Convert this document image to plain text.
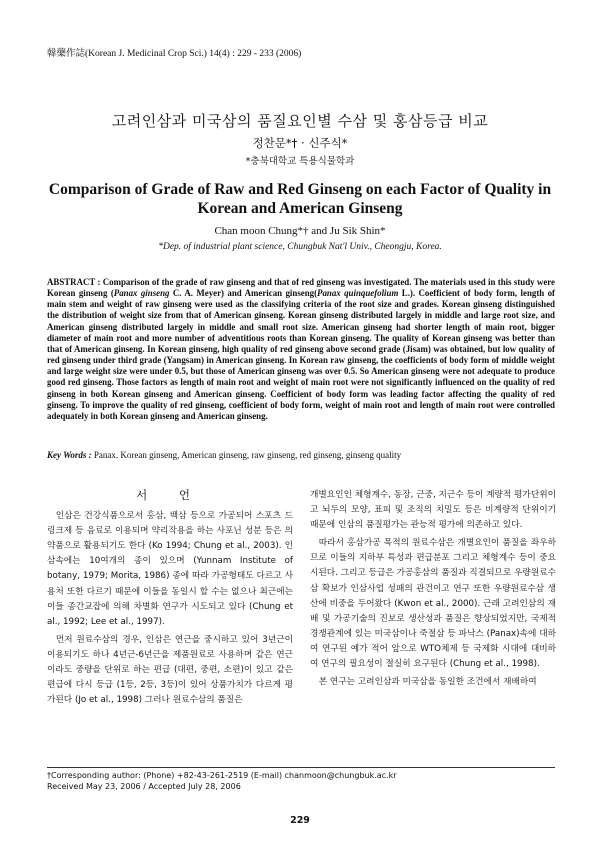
韓藥作誌(Korean J. Medicinal Crop Sci.) 14(4) : 229 - 233 (2006)
고려인삼과 미국삼의 품질요인별 수삼 및 홍삼등급 비교
정찬문*† · 신주식*
*충북대학교 특용식물학과
Comparison of Grade of Raw and Red Ginseng on each Factor of Quality in Korean and American Ginseng
Chan moon Chung*† and Ju Sik Shin*
*Dep. of industrial plant science, Chungbuk Nat'l Univ., Cheongju, Korea.

ABSTRACT : Comparison of the grade of raw ginseng and that of red ginseng was investigated. The materials used in this study were Korean ginseng (Panax ginseng C. A. Meyer) and American ginseng(Panax quinquefolium L.). Coefficient of body form, length of main stem and weight of raw ginseng were used as the classifying criteria of the root size and grades. Korean ginseng distinguished the distribution of weight size from that of American ginseng. Korean ginseng distributed largely in middle and large root size, and American ginseng distributed largely in middle and small root size. American ginseng had shorter length of main root, bigger diameter of main root and more number of adventitious roots than Korean ginseng. The quality of Korean ginseng was better than that of American ginseng. In Korean ginseng, high quality of red ginseng above second grade (Jisam) was obtained, but low quality of red ginseng under third grade (Yangsam) in American ginseng. In Korean raw ginseng, the coefficients of body form of middle weight and large weight size were under 0.5, but those of American ginseng was over 0.5. So American ginseng were not adequate to produce good red ginseng. Those factors as length of main root and weight of main root were not significantly influenced on the quality of red ginseng in both Korean ginseng and American ginseng. Coefficient of body form was leading factor affecting the quality of red ginseng. To improve the quality of red ginseng, coefficient of body form, weight of main root and length of main root were controlled adequately in both Korean ginseng and American ginseng.

Key Words : Panax. Korean ginseng, American ginseng, raw ginseng, red ginseng, ginseng quality
서 언

인삼은 건강식품으로서 홍삼, 백삼 등으로 가공되어 스포츠 드링크제 등 음료로 이용되며 약리작용을 하는 사포닌 성분 등은 의약품으로 활용되기도 한다 (Ko 1994; Chung et al., 2003). 인삼속에는 10여개의 종이 있으며 (Yunnam Institute of botany, 1979; Morita, 1986) 종에 따라 가공형태도 다르고 사용처 또한 다르기 때문에 이들을 동일시 할 수는 없으나 최근에는 이들 종간교잡에 의해 차별화 연구가 시도되고 있다 (Chung et al., 1992; Lee et al., 1997).

먼저 원료수삼의 경우, 인삼은 연근을 중시하고 있어 3년근이 이용되기도 하나 4년근-6년근을 제품원료로 사용하며 같은 연근이라도 중량을 단위로 하는 편급 (대편, 중편, 소편)이 있고 같은 편급에 다시 등급 (1등, 2등, 3등)이 있어 상품가치가 다르게 평가된다 (Jo et al., 1998) 그러나 원료수삼의 품질은

개별요인인 체형계수, 동장, 근중, 지근수 등이 계량적 평가단위이고 뇌두의 모양, 표피 및 조직의 치밀도 등은 비계량적 단위이기 때문에 인삼의 품질평가는 관능적 평가에 의존하고 있다.

따라서 홍삼가공 목적의 원료수삼은 개별요인이 품질을 좌우하므로 이들의 지하부 특성과 편급분포 그리고 체형계수 등이 중요시된다. 그리고 등급은 가공홍삼의 품질과 직결되므로 우량원료수삼 확보가 인삼사업 성패의 관건이고 연구 또한 우량원료수삼 생산에 비중을 두어왔다 (Kwon et al., 2000). 근래 고려인삼의 재배 및 가공기술의 진보로 생산성과 품질은 향상되었지만, 국제적 경쟁관계에 있는 미국삼이나 죽절삼 등 파낙스 (Panax)속에 대하여 연구된 예가 적어 앞으로 WTO체제 등 국제화 시대에 대비하여 연구의 필요성이 절실히 요구된다 (Chung et al., 1998).

본 연구는 고려인삼과 미국삼을 동일한 조건에서 재배하여

†Corresponding author: (Phone) +82-43-261-2519 (E-mail) chanmoon@chungbuk.ac.kr
Received May 23, 2006 / Accepted July 28, 2006
229
